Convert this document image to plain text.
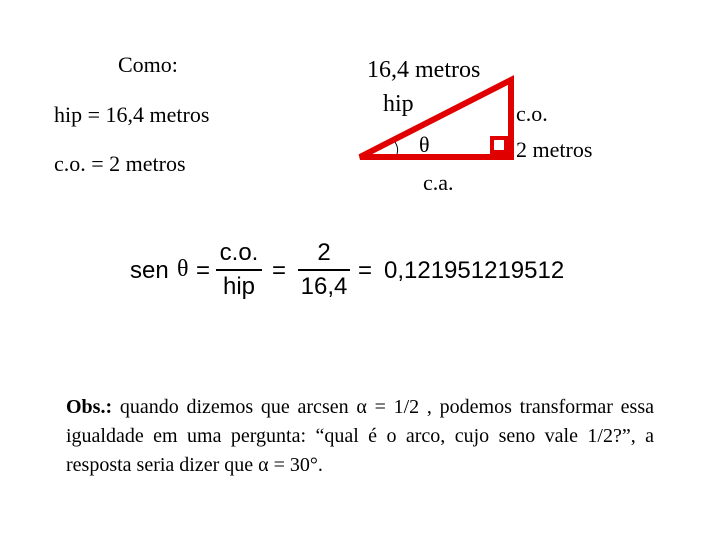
Como:
hip = 16,4 metros
c.o. = 2 metros
16,4 metros
hip
θ
c.a.
c.o.
2 metros
sen θ =
c.o.
hip
=
2
16,4
= 0,121951219512
Obs.: quando dizemos que arcsen α = 1/2 , podemos transformar essa igualdade em uma pergunta: “qual é o arco, cujo seno vale 1/2?”, a resposta seria dizer que α = 30°.
